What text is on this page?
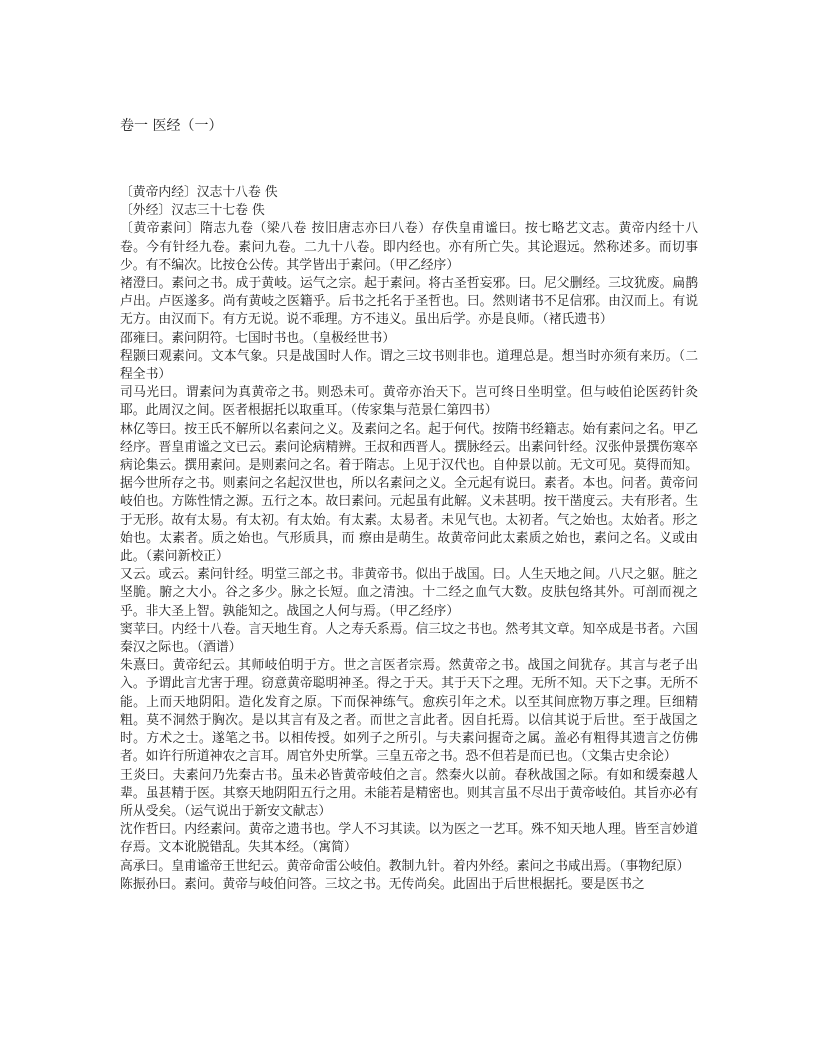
卷一 医经（一）

〔黄帝内经〕汉志十八卷 佚

〔外经〕汉志三十七卷 佚

〔黄帝素问〕隋志九卷（梁八卷 按旧唐志亦曰八卷）存佚皇甫谧曰。按七略艺文志。黄帝内经十八卷。今有针经九卷。素问九卷。二九十八卷。即内经也。亦有所亡失。其论遐远。然称述多。而切事少。有不编次。比按仓公传。其学皆出于素问。（甲乙经序）

褚澄曰。素问之书。成于黄岐。运气之宗。起于素问。将古圣哲妄邪。曰。尼父删经。三坟犹废。扁鹊卢出。卢医遂多。尚有黄岐之医籍乎。后书之托名于圣哲也。曰。然则诸书不足信邪。由汉而上。有说无方。由汉而下。有方无说。说不乖理。方不违义。虽出后学。亦是良师。（褚氏遗书）

邵雍曰。素问阴符。七国时书也。（皇极经世书）

程颢曰观素问。文本气象。只是战国时人作。谓之三坟书则非也。道理总是。想当时亦须有来历。（二程全书）

司马光曰。谓素问为真黄帝之书。则恐未可。黄帝亦治天下。岂可终日坐明堂。但与岐伯论医药针灸耶。此周汉之间。医者根据托以取重耳。（传家集与范景仁第四书）

林亿等曰。按王氏不解所以名素问之义。及素问之名。起于何代。按隋书经籍志。始有素问之名。甲乙经序。晋皇甫谧之文已云。素问论病精辨。王叔和西晋人。撰脉经云。出素问针经。汉张仲景撰伤寒卒病论集云。撰用素问。是则素问之名。着于隋志。上见于汉代也。自仲景以前。无文可见。莫得而知。据今世所存之书。则素问之名起汉世也，所以名素问之义。全元起有说曰。素者。本也。问者。黄帝问岐伯也。方陈性情之源。五行之本。故曰素问。元起虽有此解。义未甚明。按干凿度云。夫有形者。生于无形。故有太易。有太初。有太始。有太素。太易者。未见气也。太初者。气之始也。太始者。形之始也。太素者。质之始也。气形质具，而 瘵由是萌生。故黄帝问此太素质之始也，素问之名。义或由此。（素问新校正）

又云。或云。素问针经。明堂三部之书。非黄帝书。似出于战国。曰。人生天地之间。八尺之躯。脏之坚脆。腑之大小。谷之多少。脉之长短。血之清浊。十二经之血气大数。皮肤包络其外。可剖而视之乎。非大圣上智。孰能知之。战国之人何与焉。（甲乙经序）

窦苹曰。内经十八卷。言天地生育。人之寿夭系焉。信三坟之书也。然考其文章。知卒成是书者。六国秦汉之际也。（酒谱）

朱熹曰。黄帝纪云。其师岐伯明于方。世之言医者宗焉。然黄帝之书。战国之间犹存。其言与老子出入。予谓此言尤害于理。窃意黄帝聪明神圣。得之于天。其于天下之理。无所不知。天下之事。无所不能。上而天地阴阳。造化发育之原。下而保神练气。愈疾引年之术。以至其间庶物万事之理。巨细精粗。莫不洞然于胸次。是以其言有及之者。而世之言此者。因自托焉。以信其说于后世。至于战国之时。方术之士。遂笔之书。以相传授。如列子之所引。与夫素问握奇之属。盖必有粗得其遗言之仿佛者。如许行所道神农之言耳。周官外史所掌。三皇五帝之书。恐不但若是而已也。（文集古史余论）

王炎曰。夫素问乃先秦古书。虽未必皆黄帝岐伯之言。然秦火以前。春秋战国之际。有如和缓秦越人辈。虽甚精于医。其察天地阴阳五行之用。未能若是精密也。则其言虽不尽出于黄帝岐伯。其旨亦必有所从受矣。（运气说出于新安文献志）

沈作哲曰。内经素问。黄帝之遗书也。学人不习其读。以为医之一艺耳。殊不知天地人理。皆至言妙道存焉。文本讹脱错乱。失其本经。（寓简）

高承曰。皇甫谧帝王世纪云。黄帝命雷公岐伯。教制九针。着内外经。素问之书咸出焉。（事物纪原）

陈振孙曰。素问。黄帝与岐伯问答。三坟之书。无传尚矣。此固出于后世根据托。要是医书之
